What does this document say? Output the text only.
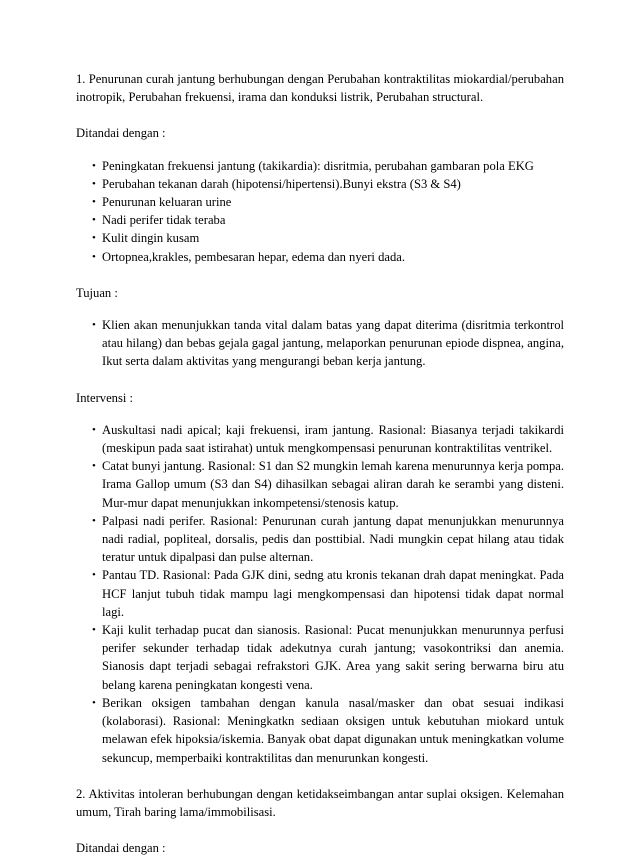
1. Penurunan curah jantung berhubungan dengan Perubahan kontraktilitas miokardial/perubahan inotropik, Perubahan frekuensi, irama dan konduksi listrik, Perubahan structural.

Ditandai dengan :

• Peningkatan frekuensi jantung (takikardia): disritmia, perubahan gambaran pola EKG
• Perubahan tekanan darah (hipotensi/hipertensi).Bunyi ekstra (S3 & S4)
• Penurunan keluaran urine
• Nadi perifer tidak teraba
• Kulit dingin kusam
• Ortopnea,krakles, pembesaran hepar, edema dan nyeri dada.

Tujuan :

• Klien akan menunjukkan tanda vital dalam batas yang dapat diterima (disritmia terkontrol atau hilang) dan bebas gejala gagal jantung, melaporkan penurunan epiode dispnea, angina, Ikut serta dalam aktivitas yang mengurangi beban kerja jantung.

Intervensi :

• Auskultasi nadi apical; kaji frekuensi, iram jantung. Rasional: Biasanya terjadi takikardi (meskipun pada saat istirahat) untuk mengkompensasi penurunan kontraktilitas ventrikel.
• Catat bunyi jantung. Rasional: S1 dan S2 mungkin lemah karena menurunnya kerja pompa. Irama Gallop umum (S3 dan S4) dihasilkan sebagai aliran darah ke serambi yang disteni. Mur-mur dapat menunjukkan inkompetensi/stenosis katup.
• Palpasi nadi perifer. Rasional: Penurunan curah jantung dapat menunjukkan menurunnya nadi radial, popliteal, dorsalis, pedis dan posttibial. Nadi mungkin cepat hilang atau tidak teratur untuk dipalpasi dan pulse alternan.
• Pantau TD. Rasional: Pada GJK dini, sedng atu kronis tekanan drah dapat meningkat. Pada HCF lanjut tubuh tidak mampu lagi mengkompensasi dan hipotensi tidak dapat normal lagi.
• Kaji kulit terhadap pucat dan sianosis. Rasional: Pucat menunjukkan menurunnya perfusi perifer sekunder terhadap tidak adekutnya curah jantung; vasokontriksi dan anemia. Sianosis dapt terjadi sebagai refrakstori GJK. Area yang sakit sering berwarna biru atu belang karena peningkatan kongesti vena.
• Berikan oksigen tambahan dengan kanula nasal/masker dan obat sesuai indikasi (kolaborasi). Rasional: Meningkatkn sediaan oksigen untuk kebutuhan miokard untuk melawan efek hipoksia/iskemia. Banyak obat dapat digunakan untuk meningkatkan volume sekuncup, memperbaiki kontraktilitas dan menurunkan kongesti.

2. Aktivitas intoleran berhubungan dengan ketidakseimbangan antar suplai oksigen. Kelemahan umum, Tirah baring lama/immobilisasi.

Ditandai dengan :
